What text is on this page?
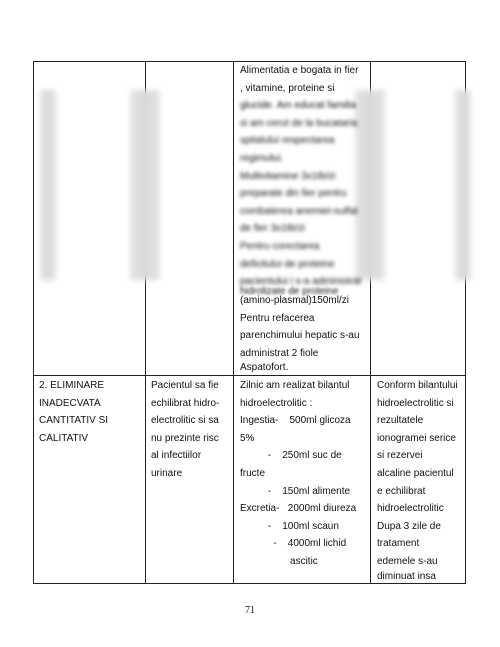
Alimentatia e bogata in fier
, vitamine, proteine si
glucide. Am educat familia
si am cerut de la bucataria
spitalului respectarea
regimului.
Multivitamine 3x1tb/zi
preparate din fier pentru
combaterea anemiei-sulfat
de fier 3x1tb/zi
Pentru corectarea
deficitului de proteine
pacientului i s-a administrat
hidrolizate de proteine
(amino-plasmal)150ml/zi
Pentru refacerea
parenchimului hepatic s-au
administrat 2 fiole
Aspatofort.
2. ELIMINARE
INADECVATA
CANTITATIV SI
CALITATIV
Pacientul sa fie
echilibrat hidro-
electrolitic si sa
nu prezinte risc
al infectiilor
urinare
Zilnic am realizat bilantul
hidroelectrolitic :
Ingestia-    500ml glicoza
5%
-    250ml suc de
fructe
-    150ml alimente
Excretia-   2000ml diureza
-    100ml scaun
-    4000ml lichid
ascitic
Conform bilantului
hidroelectrolitic si
rezultatele
ionogramei serice
si rezervei
alcaline pacientul
e echilibrat
hidroelectrolitic
Dupa 3 zile de
tratament
edemele s-au
diminuat insa
71
